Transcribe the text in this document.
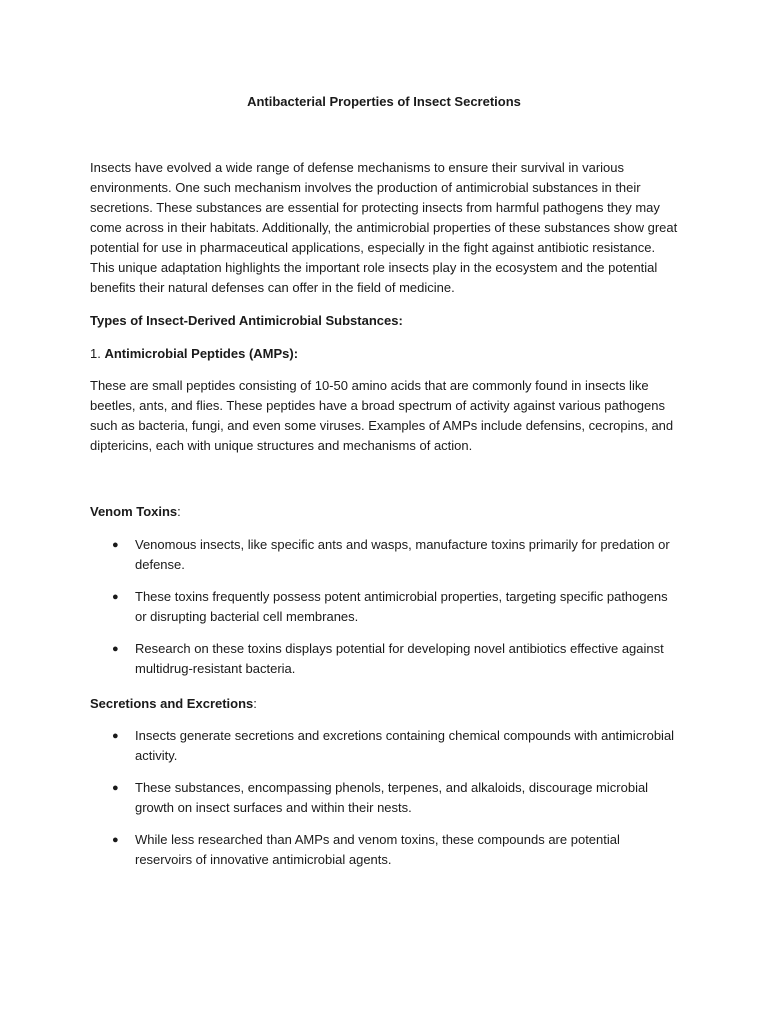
Antibacterial Properties of Insect Secretions
Insects have evolved a wide range of defense mechanisms to ensure their survival in various environments. One such mechanism involves the production of antimicrobial substances in their secretions. These substances are essential for protecting insects from harmful pathogens they may come across in their habitats. Additionally, the antimicrobial properties of these substances show great potential for use in pharmaceutical applications, especially in the fight against antibiotic resistance. This unique adaptation highlights the important role insects play in the ecosystem and the potential benefits their natural defenses can offer in the field of medicine.
Types of Insect-Derived Antimicrobial Substances:
1. Antimicrobial Peptides (AMPs):
These are small peptides consisting of 10-50 amino acids that are commonly found in insects like beetles, ants, and flies. These peptides have a broad spectrum of activity against various pathogens such as bacteria, fungi, and even some viruses. Examples of AMPs include defensins, cecropins, and diptericins, each with unique structures and mechanisms of action.
Venom Toxins:
● Venomous insects, like specific ants and wasps, manufacture toxins primarily for predation or defense.
● These toxins frequently possess potent antimicrobial properties, targeting specific pathogens or disrupting bacterial cell membranes.
● Research on these toxins displays potential for developing novel antibiotics effective against multidrug-resistant bacteria.
Secretions and Excretions:
● Insects generate secretions and excretions containing chemical compounds with antimicrobial activity.
● These substances, encompassing phenols, terpenes, and alkaloids, discourage microbial growth on insect surfaces and within their nests.
● While less researched than AMPs and venom toxins, these compounds are potential reservoirs of innovative antimicrobial agents.
